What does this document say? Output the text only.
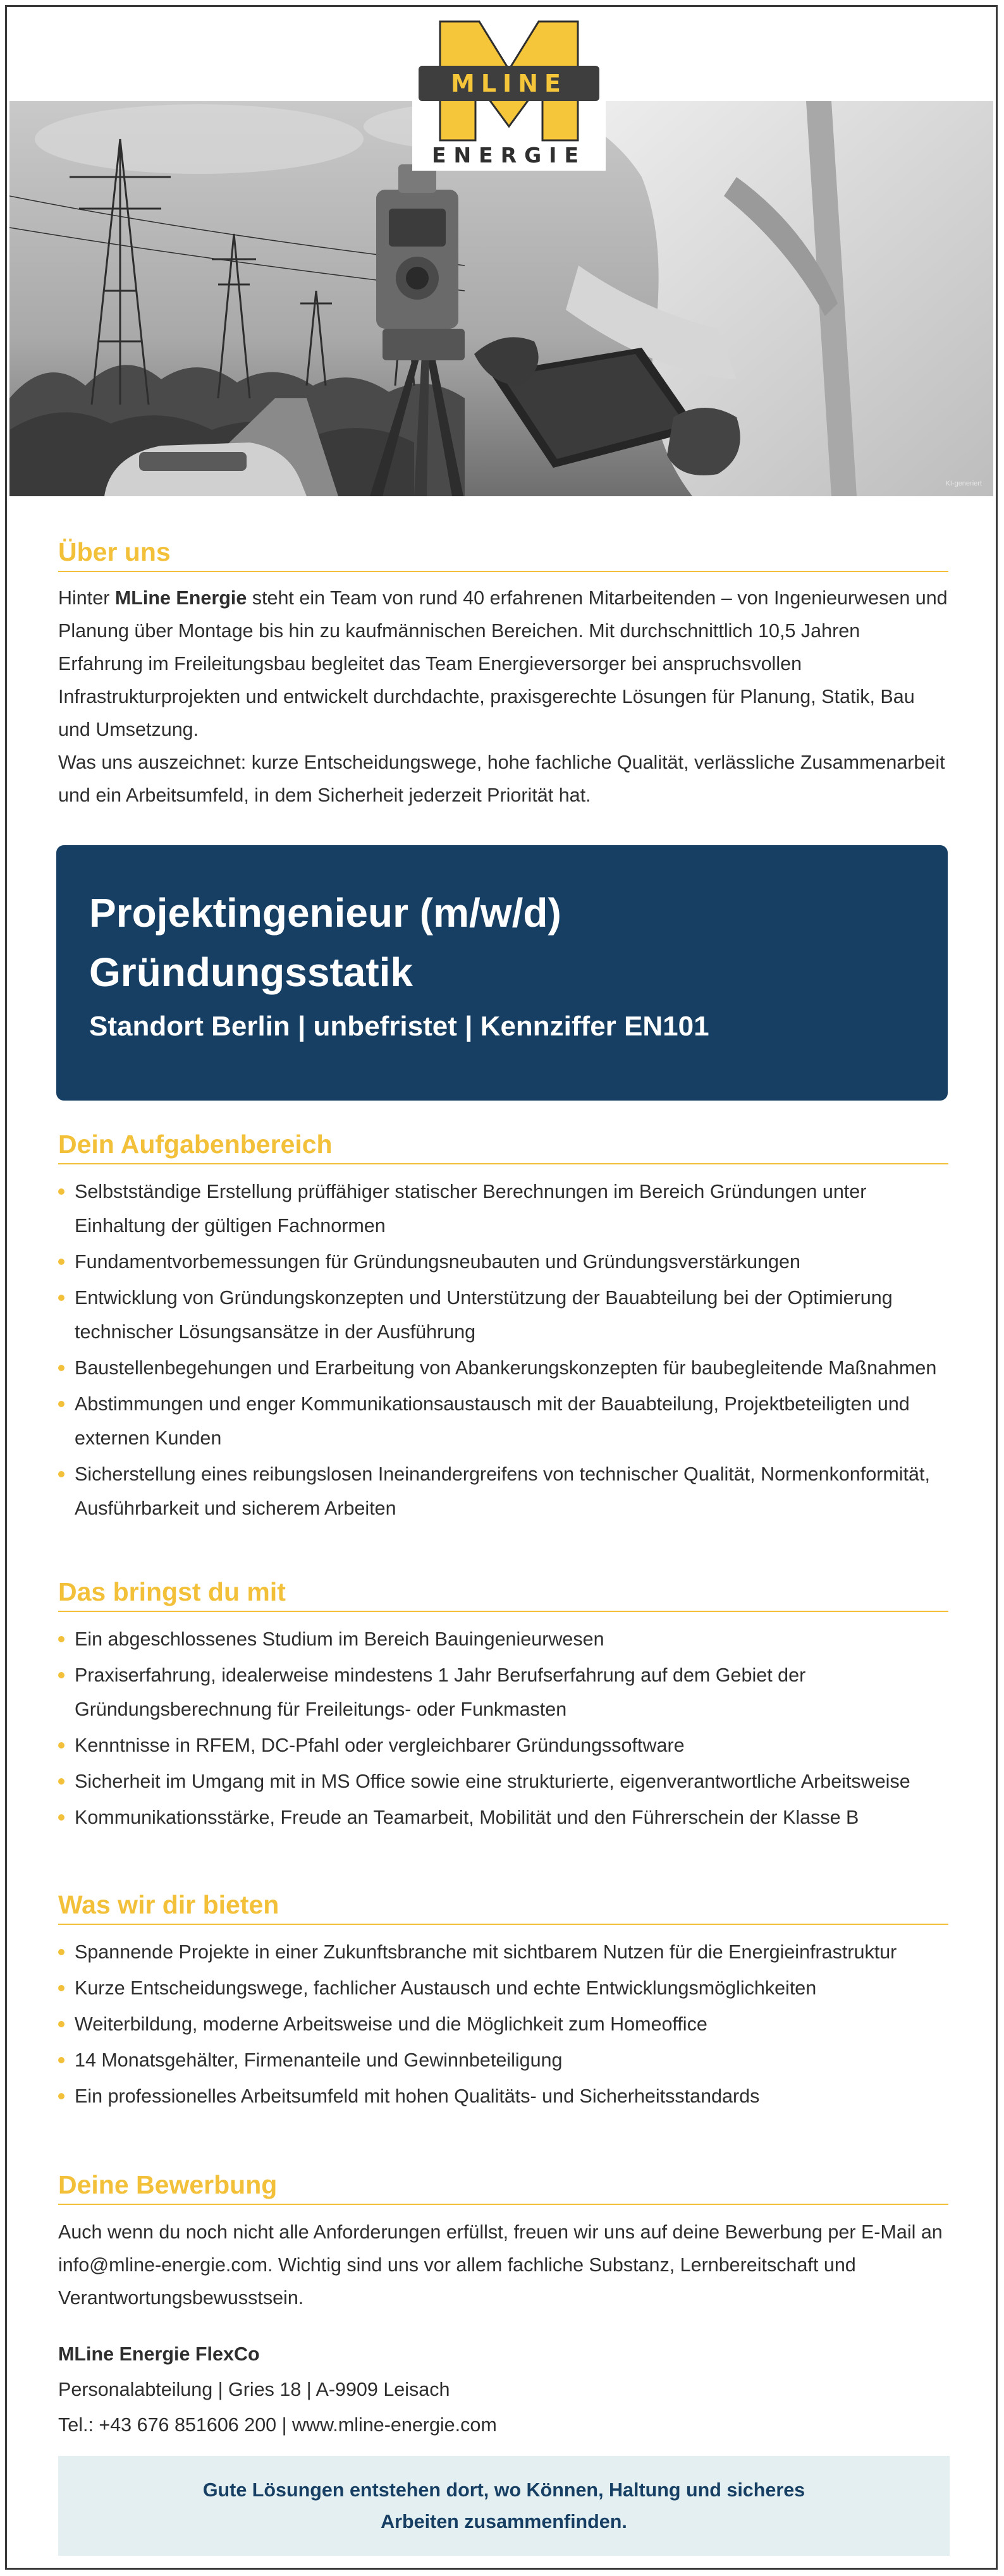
KI-generiert
MLINE
ENERGIE
Über uns
Hinter MLine Energie steht ein Team von rund 40 erfahrenen Mitarbeitenden – von Ingenieurwesen und Planung über Montage bis hin zu kaufmännischen Bereichen. Mit durchschnittlich 10,5 Jahren Erfahrung im Freileitungsbau begleitet das Team Energieversorger bei anspruchsvollen Infrastrukturprojekten und entwickelt durchdachte, praxisgerechte Lösungen für Planung, Statik, Bau und Umsetzung.
Was uns auszeichnet: kurze Entscheidungswege, hohe fachliche Qualität, verlässliche Zusammenarbeit und ein Arbeitsumfeld, in dem Sicherheit jederzeit Priorität hat.
Projektingenieur (m/w/d)
Gründungsstatik
Standort Berlin | unbefristet | Kennziffer EN101
Dein Aufgabenbereich
Selbstständige Erstellung prüffähiger statischer Berechnungen im Bereich Gründungen unter Einhaltung der gültigen Fachnormen
Fundamentvorbemessungen für Gründungsneubauten und Gründungsverstärkungen
Entwicklung von Gründungskonzepten und Unterstützung der Bauabteilung bei der Optimierung technischer Lösungsansätze in der Ausführung
Baustellenbegehungen und Erarbeitung von Abankerungskonzepten für baubegleitende Maßnahmen
Abstimmungen und enger Kommunikationsaustausch mit der Bauabteilung, Projektbeteiligten und externen Kunden
Sicherstellung eines reibungslosen Ineinandergreifens von technischer Qualität, Normenkonformität, Ausführbarkeit und sicherem Arbeiten
Das bringst du mit
Ein abgeschlossenes Studium im Bereich Bauingenieurwesen
Praxiserfahrung, idealerweise mindestens 1 Jahr Berufserfahrung auf dem Gebiet der Gründungsberechnung für Freileitungs- oder Funkmasten
Kenntnisse in RFEM, DC-Pfahl oder vergleichbarer Gründungssoftware
Sicherheit im Umgang mit in MS Office sowie eine strukturierte, eigenverantwortliche Arbeitsweise
Kommunikationsstärke, Freude an Teamarbeit, Mobilität und den Führerschein der Klasse B
Was wir dir bieten
Spannende Projekte in einer Zukunftsbranche mit sichtbarem Nutzen für die Energieinfrastruktur
Kurze Entscheidungswege, fachlicher Austausch und echte Entwicklungsmöglichkeiten
Weiterbildung, moderne Arbeitsweise und die Möglichkeit zum Homeoffice
14 Monatsgehälter, Firmenanteile und Gewinnbeteiligung
Ein professionelles Arbeitsumfeld mit hohen Qualitäts- und Sicherheitsstandards
Deine Bewerbung
Auch wenn du noch nicht alle Anforderungen erfüllst, freuen wir uns auf deine Bewerbung per E-Mail an info@mline-energie.com. Wichtig sind uns vor allem fachliche Substanz, Lernbereitschaft und Verantwortungsbewusstsein.
MLine Energie FlexCo
Personalabteilung | Gries 18 | A-9909 Leisach
Tel.: +43 676 851606 200 | www.mline-energie.com
Gute Lösungen entstehen dort, wo Können, Haltung und sicheres Arbeiten zusammenfinden.
